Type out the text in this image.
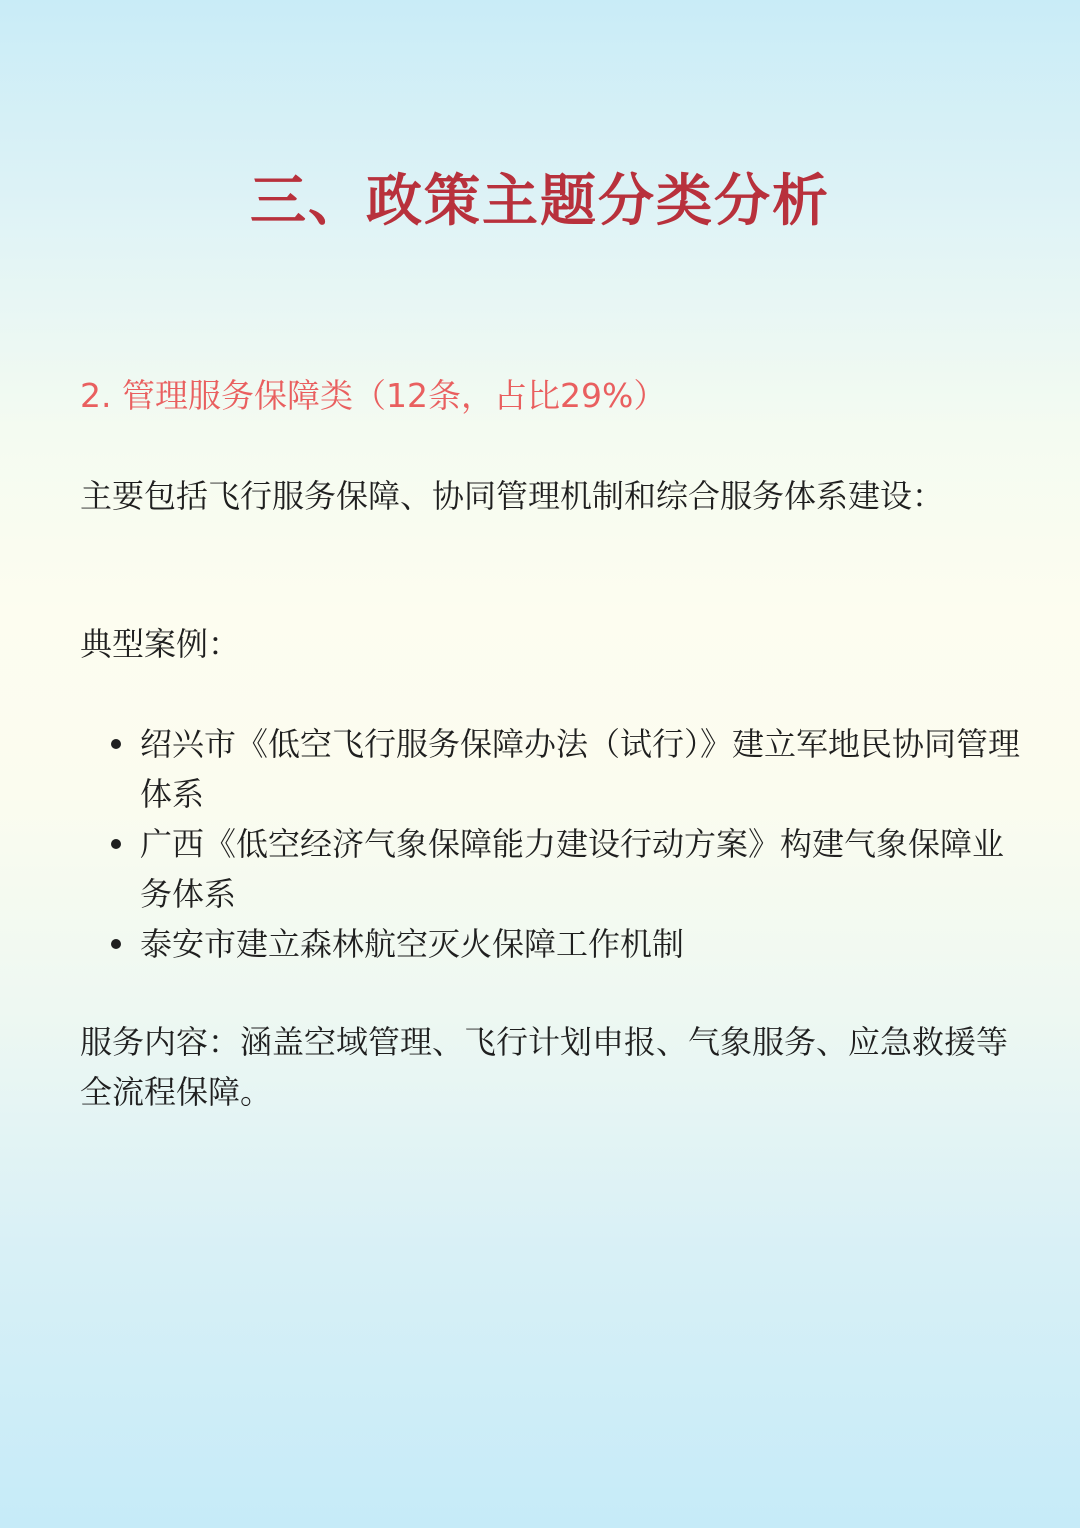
三、政策主题分类分析
2. 管理服务保障类（12条，占比29%）

主要包括飞行服务保障、协同管理机制和综合服务体系建设：

典型案例：

绍兴市《低空飞行服务保障办法（试行）》建立军地民协同管理体系
广西《低空经济气象保障能力建设行动方案》构建气象保障业务体系
泰安市建立森林航空灭火保障工作机制

服务内容：涵盖空域管理、飞行计划申报、气象服务、应急救援等全流程保障。
